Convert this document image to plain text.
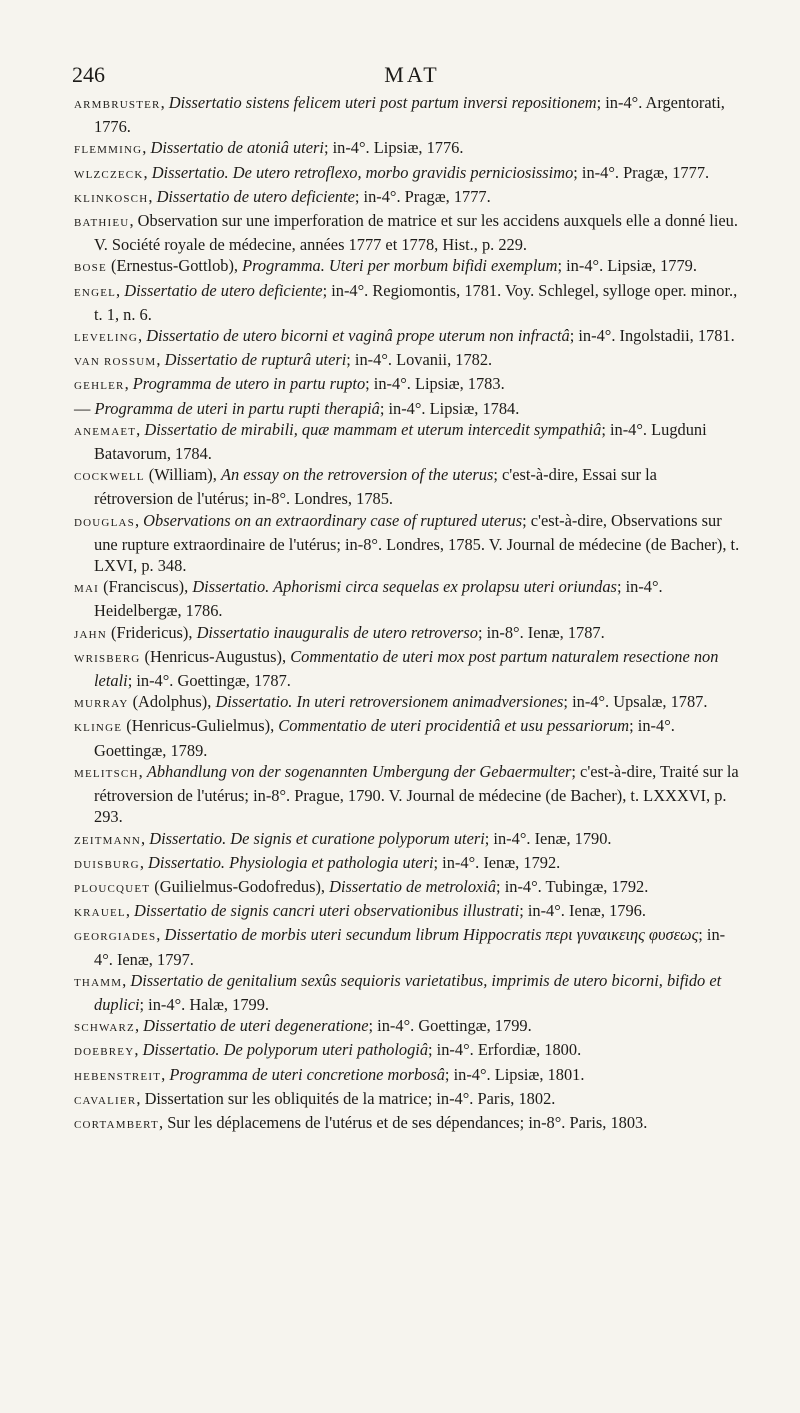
246	MAT

ARMBRUSTER, Dissertatio sistens felicem uteri post partum inversi repositionem; in-4°. Argentorati, 1776.

FLEMMING, Dissertatio de atoniâ uteri; in-4°. Lipsiæ, 1776.

WLZCZECK, Dissertatio. De utero retroflexo, morbo gravidis perniciosissimo; in-4°. Pragæ, 1777.

KLINKOSCH, Dissertatio de utero deficiente; in-4°. Pragæ, 1777.

BATHIEU, Observation sur une imperforation de matrice et sur les accidens auxquels elle a donné lieu. V. Société royale de médecine, années 1777 et 1778, Hist., p. 229.

BOSE (Ernestus-Gottlob), Programma. Uteri per morbum bifidi exemplum; in-4°. Lipsiæ, 1779.

ENGEL, Dissertatio de utero deficiente; in-4°. Regiomontis, 1781. Voy. Schlegel, sylloge oper. minor., t. 1, n. 6.

LEVELING, Dissertatio de utero bicorni et vaginâ prope uterum non infractâ; in-4°. Ingolstadii, 1781.

VAN ROSSUM, Dissertatio de rupturâ uteri; in-4°. Lovanii, 1782.

GEHLER, Programma de utero in partu rupto; in-4°. Lipsiæ, 1783.

— Programma de uteri in partu rupti therapiâ; in-4°. Lipsiæ, 1784.

ANEMAET, Dissertatio de mirabili, quæ mammam et uterum intercedit sympathiâ; in-4°. Lugduni Batavorum, 1784.

COCKWELL (William), An essay on the retroversion of the uterus; c'est-à-dire, Essai sur la rétroversion de l'utérus; in-8°. Londres, 1785.

DOUGLAS, Observations on an extraordinary case of ruptured uterus; c'est-à-dire, Observations sur une rupture extraordinaire de l'utérus; in-8°. Londres, 1785. V. Journal de médecine (de Bacher), t. LXVI, p. 348.

MAI (Franciscus), Dissertatio. Aphorismi circa sequelas ex prolapsu uteri oriundas; in-4°. Heidelbergæ, 1786.

JAHN (Fridericus), Dissertatio inauguralis de utero retroverso; in-8°. Ienæ, 1787.

WRISBERG (Henricus-Augustus), Commentatio de uteri mox post partum naturalem resectione non letali; in-4°. Goettingæ, 1787.

MURRAY (Adolphus), Dissertatio. In uteri retroversionem animadversiones; in-4°. Upsalæ, 1787.

KLINGE (Henricus-Gulielmus), Commentatio de uteri procidentiâ et usu pessariorum; in-4°. Goettingæ, 1789.

MELITSCH, Abhandlung von der sogenannten Umbergung der Gebaermulter; c'est-à-dire, Traité sur la rétroversion de l'utérus; in-8°. Prague, 1790. V. Journal de médecine (de Bacher), t. LXXXVI, p. 293.

ZEITMANN, Dissertatio. De signis et curatione polyporum uteri; in-4°. Ienæ, 1790.

DUISBURG, Dissertatio. Physiologia et pathologia uteri; in-4°. Ienæ, 1792.

PLOUCQUET (Guilielmus-Godofredus), Dissertatio de metroloxiâ; in-4°. Tubingæ, 1792.

KRAUEL, Dissertatio de signis cancri uteri observationibus illustrati; in-4°. Ienæ, 1796.

GEORGIADES, Dissertatio de morbis uteri secundum librum Hippocratis περι γυναικειης φυσεως; in-4°. Ienæ, 1797.

THAMM, Dissertatio de genitalium sexûs sequioris varietatibus, imprimis de utero bicorni, bifido et duplici; in-4°. Halæ, 1799.

SCHWARZ, Dissertatio de uteri degeneratione; in-4°. Goettingæ, 1799.

DOEBREY, Dissertatio. De polyporum uteri pathologiâ; in-4°. Erfordiæ, 1800.

HEBENSTREIT, Programma de uteri concretione morbosâ; in-4°. Lipsiæ, 1801.

CAVALIER, Dissertation sur les obliquités de la matrice; in-4°. Paris, 1802.

CORTAMBERT, Sur les déplacemens de l'utérus et de ses dépendances; in-8°. Paris, 1803.
